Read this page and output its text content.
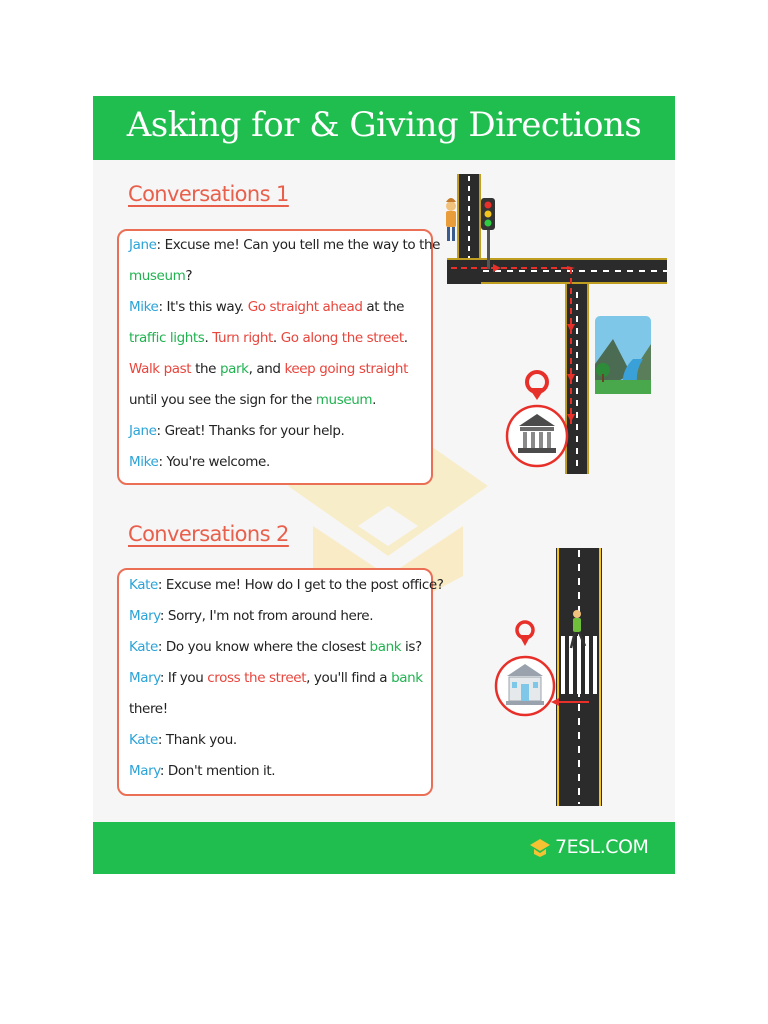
Asking for & Giving Directions
Conversations 1
Jane: Excuse me! Can you tell me the way to the
museum?
Mike: It's this way. Go straight ahead at the
traffic lights. Turn right. Go along the street.
Walk past the park, and keep going straight
until you see the sign for the museum.
Jane: Great! Thanks for your help.
Mike: You're welcome.
Conversations 2
Kate: Excuse me! How do I get to the post office?
Mary: Sorry, I'm not from around here.
Kate: Do you know where the closest bank is?
Mary: If you cross the street, you'll find a bank
there!
Kate: Thank you.
Mary: Don't mention it.
7ESL.COM
